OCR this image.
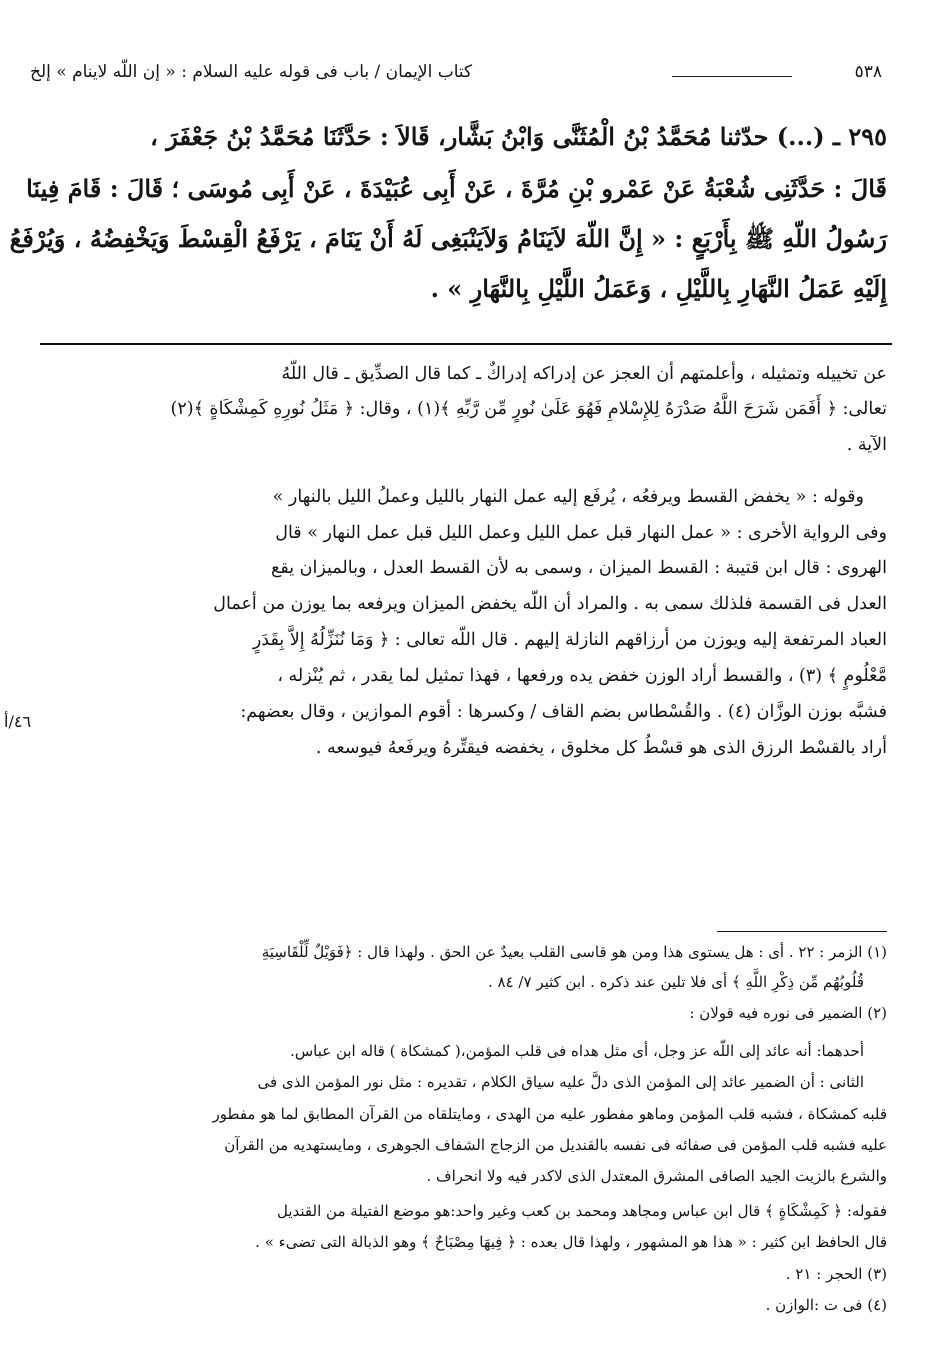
٥٣٨
كتاب الإيمان / باب فى قوله عليه السلام : « إن اللّه لاينام » إلخ
٢٩٥ ـ (...) حدّثنا مُحَمَّدُ بْنُ الْمُثَنَّى وَابْنُ بَشَّار، قَالاَ : حَدَّثَنَا مُحَمَّدُ بْنُ جَعْفَرَ ،
قَالَ : حَدَّثَنِى شُعْبَةُ عَنْ عَمْرو بْنِ مُرَّةَ ، عَنْ أَبِى عُبَيْدَةَ ، عَنْ أَبِى مُوسَى ؛ قَالَ : قَامَ فِينَا
رَسُولُ اللّهِ ﷺ بِأَرْبَعٍ : « إِنَّ اللّهَ لاَيَنَامُ وَلاَيَنْبَغِى لَهُ أَنْ يَنَامَ ، يَرْفَعُ الْقِسْطَ وَيَخْفِضُهُ ، وَيُرْفَعُ
إِلَيْهِ عَمَلُ النَّهَارِ بِاللَّيْلِ ، وَعَمَلُ اللَّيْلِ بِالنَّهَارِ » .
عن تخييله وتمثيله ، وأعلمتهم أن العجز عن إدراكه إدراكٌ ـ كما قال الصدِّيق ـ قال اللّهُ
تعالى: ﴿ أَفَمَن شَرَحَ اللَّهُ صَدْرَهُ لِلإِسْلامِ فَهُوَ عَلَىٰ نُورٍ مِّن رَّبِّهِ ﴾(١) ، وقال: ﴿ مَثَلُ نُورِهِ كَمِشْكَاةٍ ﴾(٢)
الآية .
وقوله : « يخفض القسط ويرفعُه ، يُرفَع إليه عمل النهار بالليل وعملُ الليل بالنهار »
وفى الرواية الأخرى : « عمل النهار قبل عمل الليل وعمل الليل قبل عمل النهار » قال
الهروى : قال ابن قتيبة : القسط الميزان ، وسمى به لأن القسط العدل ، وبالميزان يقع
العدل فى القسمة فلذلك سمى به . والمراد أن اللّه يخفض الميزان ويرفعه بما يوزن من أعمال
العباد المرتفعة إليه ويوزن من أرزاقهم النازلة إليهم . قال اللّه تعالى : ﴿ وَمَا نُنَزِّلُهُ إِلاَّ بِقَدَرٍ
مَّعْلُومٍ ﴾ (٣) ، والقسط أراد الوزن خفض يده ورفعها ، فهذا تمثيل لما يقدر ، ثم يُنْزله ،
فشبَّه بوزن الوزَّان (٤) . والقُسْطاس بضم القاف / وكسرها : أقوم الموازين ، وقال بعضهم:
أراد بالقسْط الرزق الذى هو قسْطُ كل مخلوق ، يخفضه فيقتِّرهُ ويرفَعهُ فيوسعه .
٤٦/أ
(١) الزمر : ٢٢ . أى : هل يستوى هذا ومن هو قاسى القلب بعيدٌ عن الحق . ولهذا قال : ﴿فَوَيْلٌ لِّلْقَاسِيَةِ
قُلُوبُهُم مِّن ذِكْرِ اللَّهِ ﴾ أى فلا تلين عند ذكره . ابن كثير ٧/ ٨٤ .
(٢) الضمير فى نوره فيه قولان :
أحدهما: أنه عائد إلى اللّه عز وجل، أى مثل هداه فى قلب المؤمن،( كمشكاة ) قاله ابن عباس.
الثانى : أن الضمير عائد إلى المؤمن الذى دلَّ عليه سياق الكلام ، تقديره : مثل نور المؤمن الذى فى
قلبه كمشكاة ، فشبه قلب المؤمن وماهو مفطور عليه من الهدى ، ومايتلقاه من القرآن المطابق لما هو مفطور
عليه فشبه قلب المؤمن فى صفائه فى نفسه بالقنديل من الزجاج الشفاف الجوهرى ، ومايستهديه من القرآن
والشرع بالزيت الجيد الصافى المشرق المعتدل الذى لاكدر فيه ولا انحراف .
فقوله: ﴿ كَمِشْكَاةٍ ﴾ قال ابن عباس ومجاهد ومحمد بن كعب وغير واحد:هو موضع الفتيلة من القنديل
قال الحافظ ابن كثير : « هذا هو المشهور ، ولهذا قال بعده : ﴿ فِيهَا مِصْبَاحٌ ﴾ وهو الذبالة التى تضىء » .
(٣) الحجر : ٢١ .
(٤) فى ت :الوازن .
